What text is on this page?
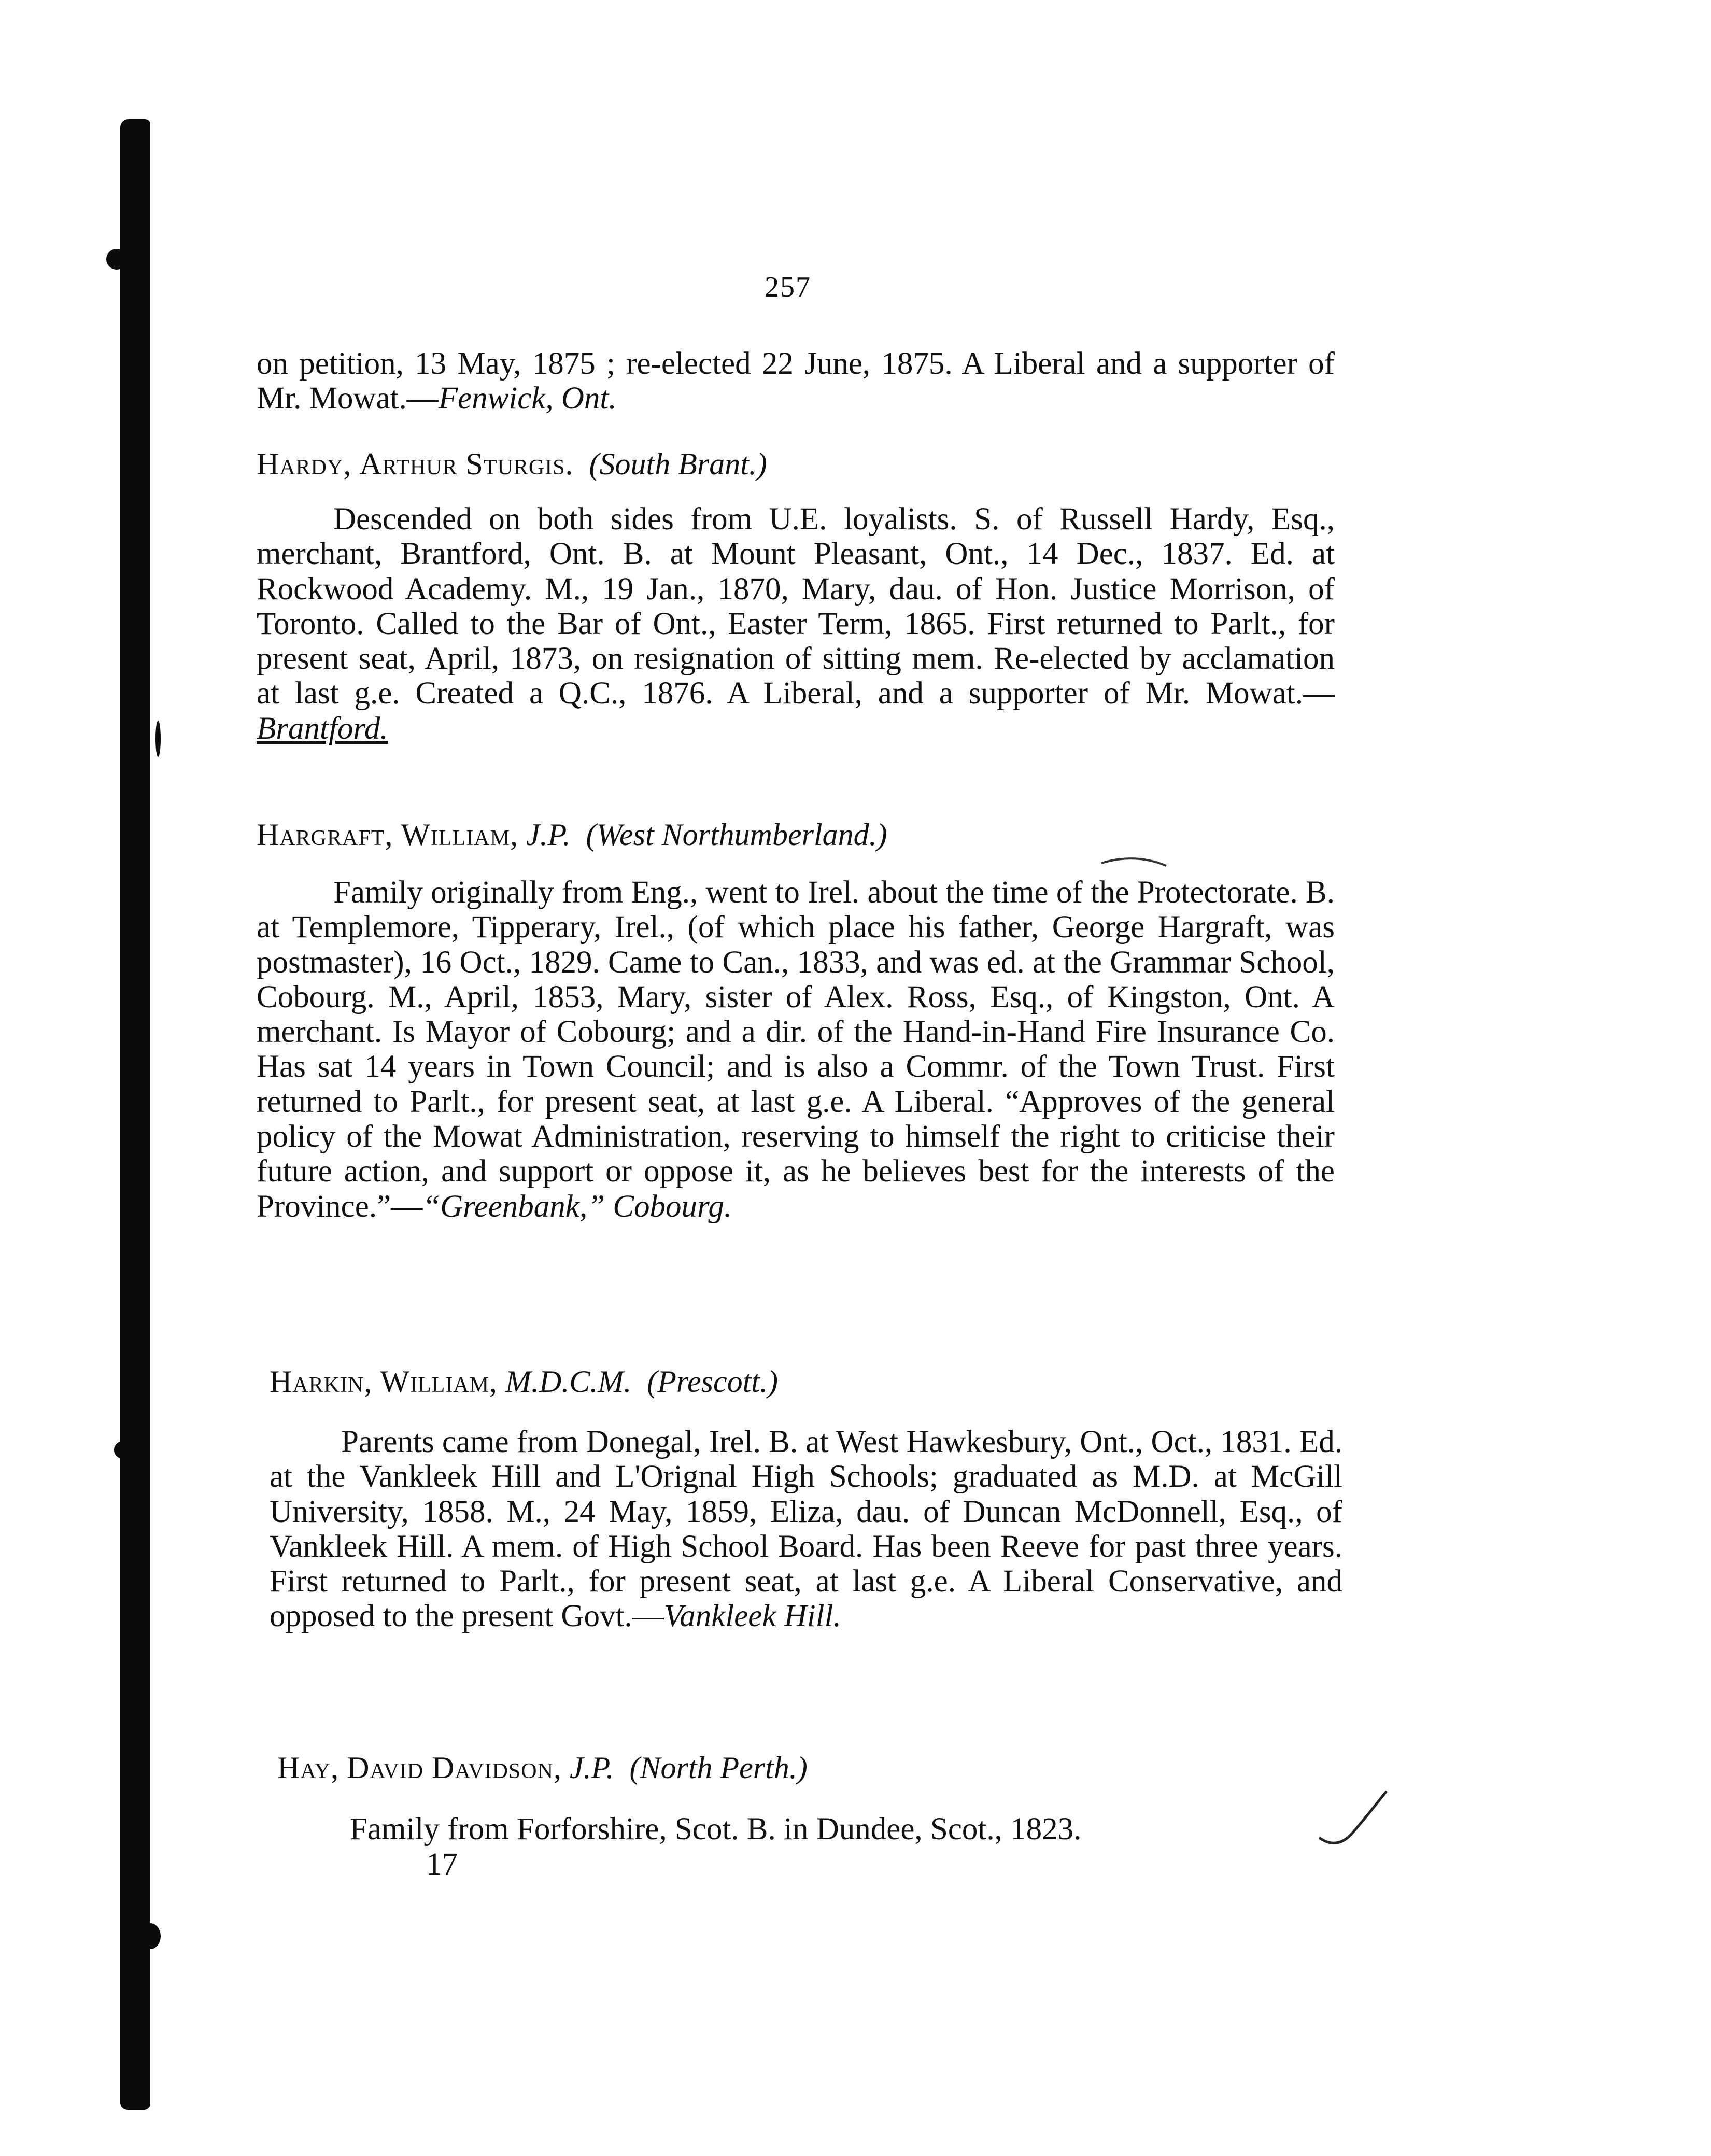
257
on petition, 13 May, 1875 ; re-elected 22 June, 1875. A Liberal and a supporter of Mr. Mowat.—Fenwick, Ont.
Hardy, Arthur Sturgis. (South Brant.)
Descended on both sides from U.E. loyalists. S. of Russell Hardy, Esq., merchant, Brantford, Ont. B. at Mount Pleasant, Ont., 14 Dec., 1837. Ed. at Rockwood Academy. M., 19 Jan., 1870, Mary, dau. of Hon. Justice Morrison, of Toronto. Called to the Bar of Ont., Easter Term, 1865. First returned to Parlt., for present seat, April, 1873, on resignation of sitting mem. Re-elected by acclamation at last g.e. Created a Q.C., 1876. A Liberal, and a supporter of Mr. Mowat.—Brantford.
Hargraft, William, J.P. (West Northumberland.)
Family originally from Eng., went to Irel. about the time of the Protectorate. B. at Templemore, Tipperary, Irel., (of which place his father, George Hargraft, was postmaster), 16 Oct., 1829. Came to Can., 1833, and was ed. at the Grammar School, Cobourg. M., April, 1853, Mary, sister of Alex. Ross, Esq., of Kingston, Ont. A merchant. Is Mayor of Cobourg; and a dir. of the Hand-in-Hand Fire Insurance Co. Has sat 14 years in Town Council; and is also a Commr. of the Town Trust. First returned to Parlt., for present seat, at last g.e. A Liberal. “Approves of the general policy of the Mowat Administration, reserving to himself the right to criticise their future action, and support or oppose it, as he believes best for the interests of the Province.”—“Greenbank,” Cobourg.
Harkin, William, M.D.C.M. (Prescott.)
Parents came from Donegal, Irel. B. at West Hawkesbury, Ont., Oct., 1831. Ed. at the Vankleek Hill and L'Orignal High Schools; graduated as M.D. at McGill University, 1858. M., 24 May, 1859, Eliza, dau. of Duncan McDonnell, Esq., of Vankleek Hill. A mem. of High School Board. Has been Reeve for past three years. First returned to Parlt., for present seat, at last g.e. A Liberal Conservative, and opposed to the present Govt.—Vankleek Hill.
Hay, David Davidson, J.P. (North Perth.)
Family from Forforshire, Scot. B. in Dundee, Scot., 1823.
17
